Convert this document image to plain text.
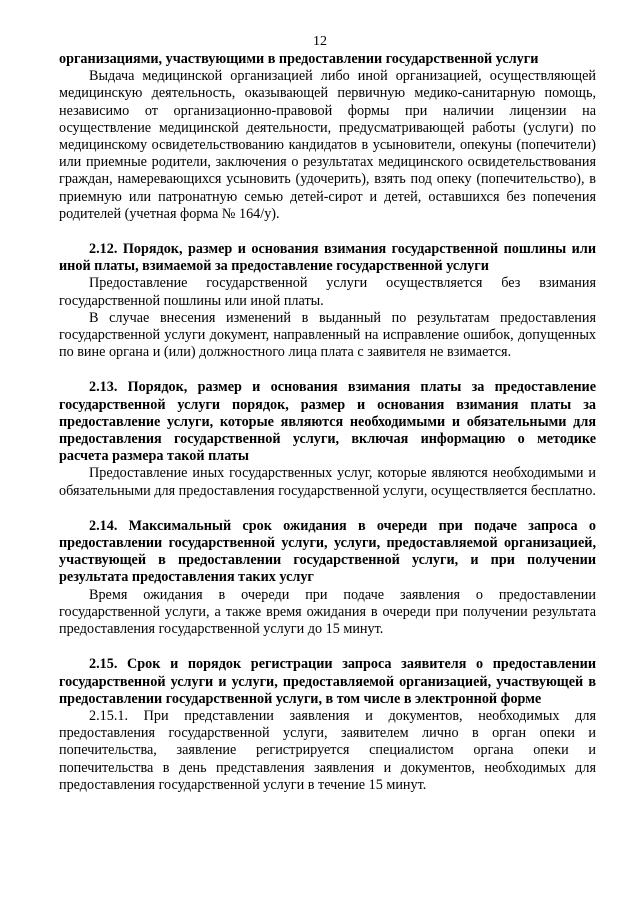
12

организациями, участвующими в предоставлении государственной услуги

Выдача медицинской организацией либо иной организацией, осуществляющей медицинскую деятельность, оказывающей первичную медико-санитарную помощь, независимо от организационно-правовой формы при наличии лицензии на осуществление медицинской деятельности, предусматривающей работы (услуги) по медицинскому освидетельствованию кандидатов в усыновители, опекуны (попечители) или приемные родители, заключения о результатах медицинского освидетельствования граждан, намеревающихся усыновить (удочерить), взять под опеку (попечительство), в приемную или патронатную семью детей-сирот и детей, оставшихся без попечения родителей (учетная форма № 164/у).

2.12. Порядок, размер и основания взимания государственной пошлины или иной платы, взимаемой за предоставление государственной услуги

Предоставление государственной услуги осуществляется без взимания государственной пошлины или иной платы.

В случае внесения изменений в выданный по результатам предоставления государственной услуги документ, направленный на исправление ошибок, допущенных по вине органа и (или) должностного лица плата с заявителя не взимается.

2.13. Порядок, размер и основания взимания платы за предоставление государственной услуги порядок, размер и основания взимания платы за предоставление услуги, которые являются необходимыми и обязательными для предоставления государственной услуги, включая информацию о методике расчета размера такой платы

Предоставление иных государственных услуг, которые являются необходимыми и обязательными для предоставления государственной услуги, осуществляется бесплатно.

2.14. Максимальный срок ожидания в очереди при подаче запроса о предоставлении государственной услуги, услуги, предоставляемой организацией, участвующей в предоставлении государственной услуги, и при получении результата предоставления таких услуг

Время ожидания в очереди при подаче заявления о предоставлении государственной услуги, а также время ожидания в очереди при получении результата предоставления государственной услуги до 15 минут.

2.15. Срок и порядок регистрации запроса заявителя о предоставлении государственной услуги и услуги, предоставляемой организацией, участвующей в предоставлении государственной услуги, в том числе в электронной форме

2.15.1. При представлении заявления и документов, необходимых для предоставления государственной услуги, заявителем лично в орган опеки и попечительства, заявление регистрируется специалистом органа опеки и попечительства в день представления заявления и документов, необходимых для предоставления государственной услуги в течение 15 минут.
